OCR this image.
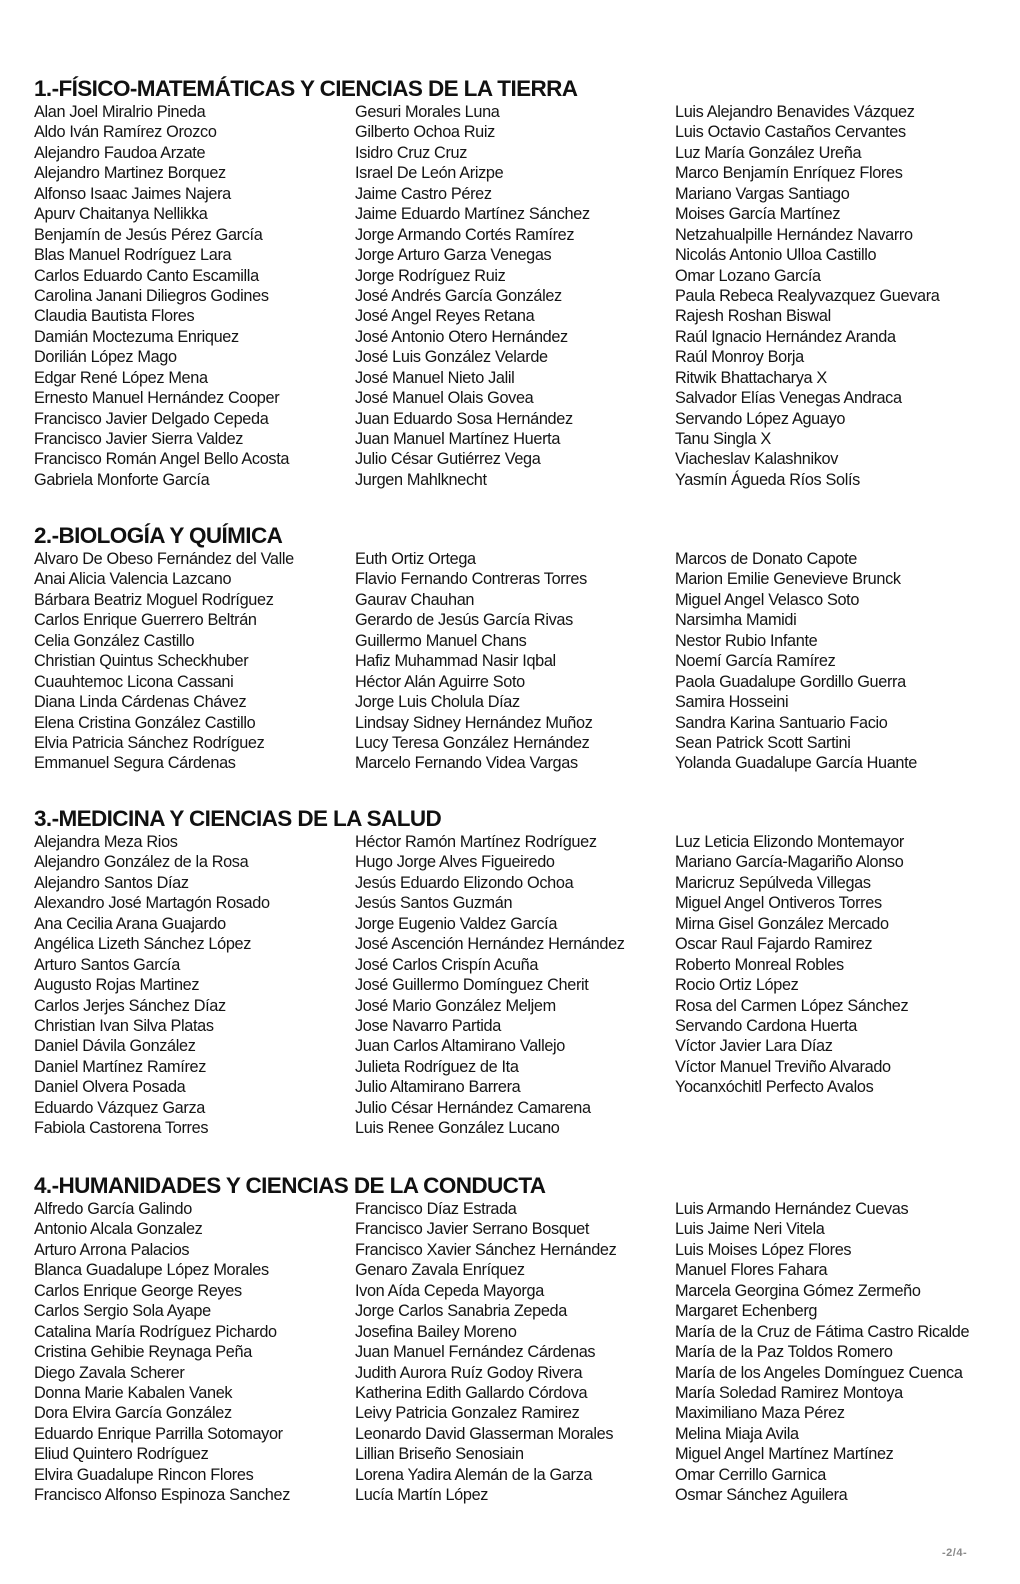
1.-FÍSICO-MATEMÁTICAS Y CIENCIAS DE LA TIERRA
Alan Joel Miralrio Pineda
Aldo Iván Ramírez Orozco
Alejandro Faudoa Arzate
Alejandro Martinez Borquez
Alfonso Isaac Jaimes Najera
Apurv Chaitanya Nellikka
Benjamín de Jesús Pérez García
Blas Manuel Rodríguez Lara
Carlos Eduardo Canto Escamilla
Carolina Janani Diliegros Godines
Claudia Bautista Flores
Damián Moctezuma Enriquez
Dorilián López Mago
Edgar René López Mena
Ernesto Manuel Hernández Cooper
Francisco Javier Delgado Cepeda
Francisco Javier Sierra Valdez
Francisco Román Angel Bello Acosta
Gabriela Monforte García
Gesuri Morales Luna
Gilberto Ochoa Ruiz
Isidro Cruz Cruz
Israel De León Arizpe
Jaime Castro Pérez
Jaime Eduardo Martínez Sánchez
Jorge Armando Cortés Ramírez
Jorge Arturo Garza Venegas
Jorge Rodríguez Ruiz
José Andrés García González
José Angel Reyes Retana
José Antonio Otero Hernández
José Luis González Velarde
José Manuel Nieto Jalil
José Manuel Olais Govea
Juan Eduardo Sosa Hernández
Juan Manuel Martínez Huerta
Julio César Gutiérrez Vega
Jurgen Mahlknecht
Luis Alejandro Benavides Vázquez
Luis Octavio Castaños Cervantes
Luz María González Ureña
Marco Benjamín Enríquez Flores
Mariano Vargas Santiago
Moises García Martínez
Netzahualpille Hernández Navarro
Nicolás Antonio Ulloa Castillo
Omar Lozano García
Paula Rebeca Realyvazquez Guevara
Rajesh Roshan Biswal
Raúl Ignacio Hernández Aranda
Raúl Monroy Borja
Ritwik Bhattacharya X
Salvador Elías Venegas Andraca
Servando López Aguayo
Tanu Singla X
Viacheslav Kalashnikov
Yasmín Águeda Ríos Solís
2.-BIOLOGÍA Y QUÍMICA
Alvaro De Obeso Fernández del Valle
Anai Alicia Valencia Lazcano
Bárbara Beatriz Moguel Rodríguez
Carlos Enrique Guerrero Beltrán
Celia González Castillo
Christian Quintus Scheckhuber
Cuauhtemoc Licona Cassani
Diana Linda Cárdenas Chávez
Elena Cristina González Castillo
Elvia Patricia Sánchez Rodríguez
Emmanuel Segura Cárdenas
Euth Ortiz Ortega
Flavio Fernando Contreras Torres
Gaurav Chauhan
Gerardo de Jesús García Rivas
Guillermo Manuel Chans
Hafiz Muhammad Nasir Iqbal
Héctor Alán Aguirre Soto
Jorge Luis Cholula Díaz
Lindsay Sidney Hernández Muñoz
Lucy Teresa González Hernández
Marcelo Fernando Videa Vargas
Marcos de Donato Capote
Marion Emilie Genevieve Brunck
Miguel Angel Velasco Soto
Narsimha Mamidi
Nestor Rubio Infante
Noemí García Ramírez
Paola Guadalupe Gordillo Guerra
Samira Hosseini
Sandra Karina Santuario Facio
Sean Patrick Scott Sartini
Yolanda Guadalupe García Huante
3.-MEDICINA Y CIENCIAS DE LA SALUD
Alejandra Meza Rios
Alejandro González de la Rosa
Alejandro Santos Díaz
Alexandro José Martagón Rosado
Ana Cecilia Arana Guajardo
Angélica Lizeth Sánchez López
Arturo Santos García
Augusto Rojas Martinez
Carlos Jerjes Sánchez Díaz
Christian Ivan Silva Platas
Daniel Dávila González
Daniel Martínez Ramírez
Daniel Olvera Posada
Eduardo Vázquez Garza
Fabiola Castorena Torres
Héctor Ramón Martínez Rodríguez
Hugo Jorge Alves Figueiredo
Jesús Eduardo Elizondo Ochoa
Jesús Santos Guzmán
Jorge Eugenio Valdez García
José Ascención Hernández Hernández
José Carlos Crispín Acuña
José Guillermo Domínguez Cherit
José Mario González Meljem
Jose Navarro Partida
Juan Carlos Altamirano Vallejo
Julieta Rodríguez de Ita
Julio Altamirano Barrera
Julio César Hernández Camarena
Luis Renee González Lucano
Luz Leticia Elizondo Montemayor
Mariano García-Magariño Alonso
Maricruz Sepúlveda Villegas
Miguel Angel Ontiveros Torres
Mirna Gisel González Mercado
Oscar Raul Fajardo Ramirez
Roberto Monreal Robles
Rocio Ortiz López
Rosa del Carmen López Sánchez
Servando Cardona Huerta
Víctor Javier Lara Díaz
Víctor Manuel Treviño Alvarado
Yocanxóchitl Perfecto Avalos
4.-HUMANIDADES Y CIENCIAS DE LA CONDUCTA
Alfredo García Galindo
Antonio Alcala Gonzalez
Arturo Arrona Palacios
Blanca Guadalupe López Morales
Carlos Enrique George Reyes
Carlos Sergio Sola Ayape
Catalina María Rodríguez Pichardo
Cristina Gehibie Reynaga Peña
Diego Zavala Scherer
Donna Marie Kabalen Vanek
Dora Elvira García González
Eduardo Enrique Parrilla Sotomayor
Eliud Quintero Rodríguez
Elvira Guadalupe Rincon Flores
Francisco Alfonso Espinoza Sanchez
Francisco Díaz Estrada
Francisco Javier Serrano Bosquet
Francisco Xavier Sánchez Hernández
Genaro Zavala Enríquez
Ivon Aída Cepeda Mayorga
Jorge Carlos Sanabria Zepeda
Josefina Bailey Moreno
Juan Manuel Fernández Cárdenas
Judith Aurora Ruíz Godoy Rivera
Katherina Edith Gallardo Córdova
Leivy Patricia Gonzalez Ramirez
Leonardo David Glasserman Morales
Lillian Briseño Senosiain
Lorena Yadira Alemán de la Garza
Lucía Martín López
Luis Armando Hernández Cuevas
Luis Jaime Neri Vitela
Luis Moises López Flores
Manuel Flores Fahara
Marcela Georgina Gómez Zermeño
Margaret Echenberg
María de la Cruz de Fátima Castro Ricalde
María de la Paz Toldos Romero
María de los Angeles Domínguez Cuenca
María Soledad Ramirez Montoya
Maximiliano Maza Pérez
Melina Miaja Avila
Miguel Angel Martínez Martínez
Omar Cerrillo Garnica
Osmar Sánchez Aguilera
-2/4-
